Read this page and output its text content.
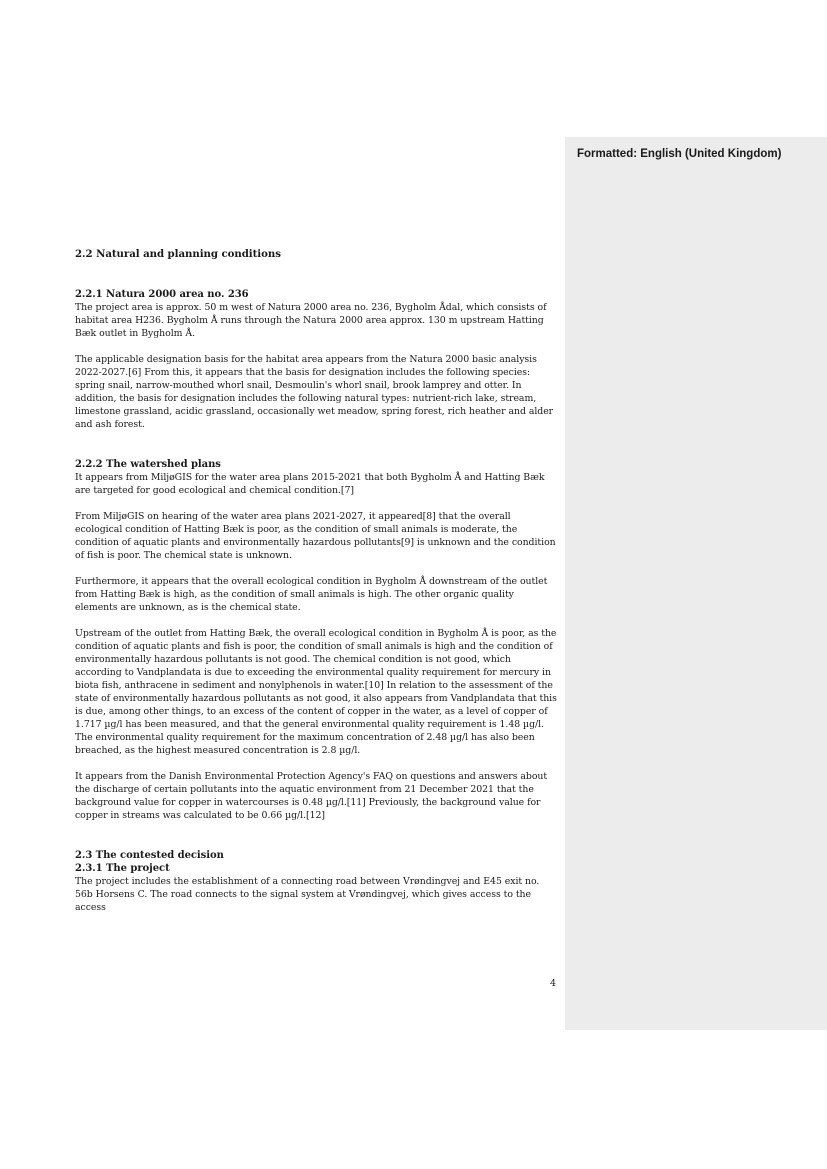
Formatted: English (United Kingdom)

2.2 Natural and planning conditions

2.2.1 Natura 2000 area no. 236

The project area is approx. 50 m west of Natura 2000 area no. 236, Bygholm Ådal, which consists of habitat area H236. Bygholm Å runs through the Natura 2000 area approx. 130 m upstream Hatting Bæk outlet in Bygholm Å.

The applicable designation basis for the habitat area appears from the Natura 2000 basic analysis 2022-2027.[6] From this, it appears that the basis for designation includes the following species: spring snail, narrow-mouthed whorl snail, Desmoulin's whorl snail, brook lamprey and otter. In addition, the basis for designation includes the following natural types: nutrient-rich lake, stream, limestone grassland, acidic grassland, occasionally wet meadow, spring forest, rich heather and alder and ash forest.

2.2.2 The watershed plans

It appears from MiljøGIS for the water area plans 2015-2021 that both Bygholm Å and Hatting Bæk are targeted for good ecological and chemical condition.[7]

From MiljøGIS on hearing of the water area plans 2021-2027, it appeared[8] that the overall ecological condition of Hatting Bæk is poor, as the condition of small animals is moderate, the condition of aquatic plants and environmentally hazardous pollutants[9] is unknown and the condition of fish is poor. The chemical state is unknown.

Furthermore, it appears that the overall ecological condition in Bygholm Å downstream of the outlet from Hatting Bæk is high, as the condition of small animals is high. The other organic quality elements are unknown, as is the chemical state.

Upstream of the outlet from Hatting Bæk, the overall ecological condition in Bygholm Å is poor, as the condition of aquatic plants and fish is poor, the condition of small animals is high and the condition of environmentally hazardous pollutants is not good. The chemical condition is not good, which according to Vandplandata is due to exceeding the environmental quality requirement for mercury in biota fish, anthracene in sediment and nonylphenols in water.[10] In relation to the assessment of the state of environmentally hazardous pollutants as not good, it also appears from Vandplandata that this is due, among other things, to an excess of the content of copper in the water, as a level of copper of 1.717 µg/l has been measured, and that the general environmental quality requirement is 1.48 µg/l. The environmental quality requirement for the maximum concentration of 2.48 µg/l has also been breached, as the highest measured concentration is 2.8 µg/l.

It appears from the Danish Environmental Protection Agency's FAQ on questions and answers about the discharge of certain pollutants into the aquatic environment from 21 December 2021 that the background value for copper in watercourses is 0.48 µg/l.[11] Previously, the background value for copper in streams was calculated to be 0.66 µg/l.[12]

2.3 The contested decision

2.3.1 The project

The project includes the establishment of a connecting road between Vrøndingvej and E45 exit no. 56b Horsens C. The road connects to the signal system at Vrøndingvej, which gives access to the access

4
